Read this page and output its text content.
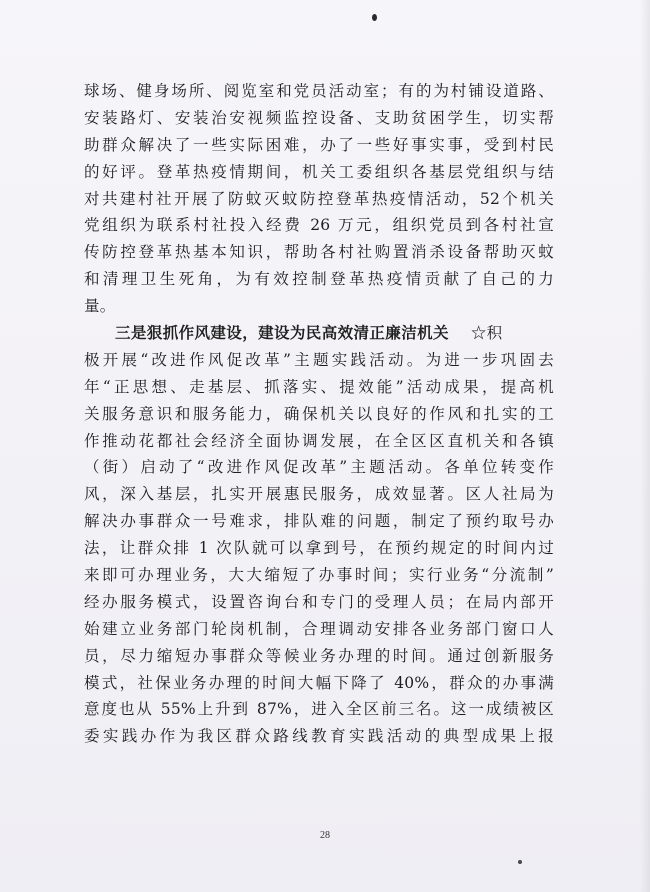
球场、健身场所、阅览室和党员活动室；有的为村铺设道路、
安装路灯、安装治安视频监控设备、支助贫困学生，切实帮
助群众解决了一些实际困难，办了一些好事实事，受到村民
的好评。登革热疫情期间，机关工委组织各基层党组织与结
对共建村社开展了防蚊灭蚊防控登革热疫情活动，52个机关
党组织为联系村社投入经费 26 万元，组织党员到各村社宣
传防控登革热基本知识，帮助各村社购置消杀设备帮助灭蚊
和清理卫生死角，为有效控制登革热疫情贡献了自己的力
量。
三是狠抓作风建设，建设为民高效清正廉洁机关 ☆积
极开展“改进作风促改革”主题实践活动。为进一步巩固去
年“正思想、走基层、抓落实、提效能”活动成果，提高机
关服务意识和服务能力，确保机关以良好的作风和扎实的工
作推动花都社会经济全面协调发展，在全区区直机关和各镇
（街）启动了“改进作风促改革”主题活动。各单位转变作
风，深入基层，扎实开展惠民服务，成效显著。区人社局为
解决办事群众一号难求，排队难的问题，制定了预约取号办
法，让群众排 1 次队就可以拿到号，在预约规定的时间内过
来即可办理业务，大大缩短了办事时间；实行业务“分流制”
经办服务模式，设置咨询台和专门的受理人员；在局内部开
始建立业务部门轮岗机制，合理调动安排各业务部门窗口人
员，尽力缩短办事群众等候业务办理的时间。通过创新服务
模式，社保业务办理的时间大幅下降了 40%，群众的办事满
意度也从 55%上升到 87%，进入全区前三名。这一成绩被区
委实践办作为我区群众路线教育实践活动的典型成果上报
28
